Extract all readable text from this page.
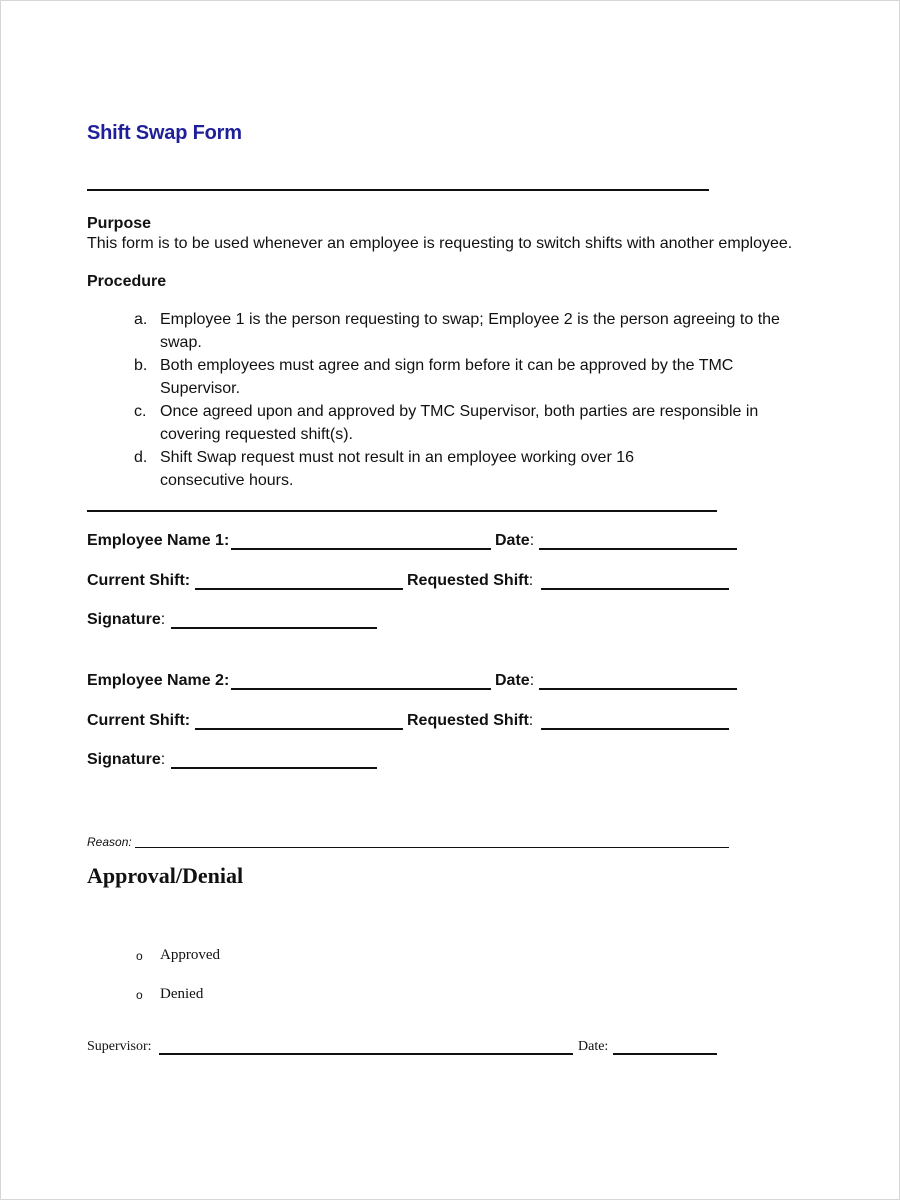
Shift Swap Form
Purpose
This form is to be used whenever an employee is requesting to switch shifts with another employee.
Procedure
a. Employee 1 is the person requesting to swap; Employee 2 is the person agreeing to the
swap.
b. Both employees must agree and sign form before it can be approved by the TMC
Supervisor.
c. Once agreed upon and approved by TMC Supervisor, both parties are responsible in
covering requested shift(s).
d. Shift Swap request must not result in an employee working over 16
consecutive hours.
Employee Name 1:	Date:
Current Shift:	Requested Shift:
Signature:
Employee Name 2:	Date:
Current Shift:	Requested Shift:
Signature:
Reason:
Approval/Denial
o Approved
o Denied
Supervisor:	Date:
